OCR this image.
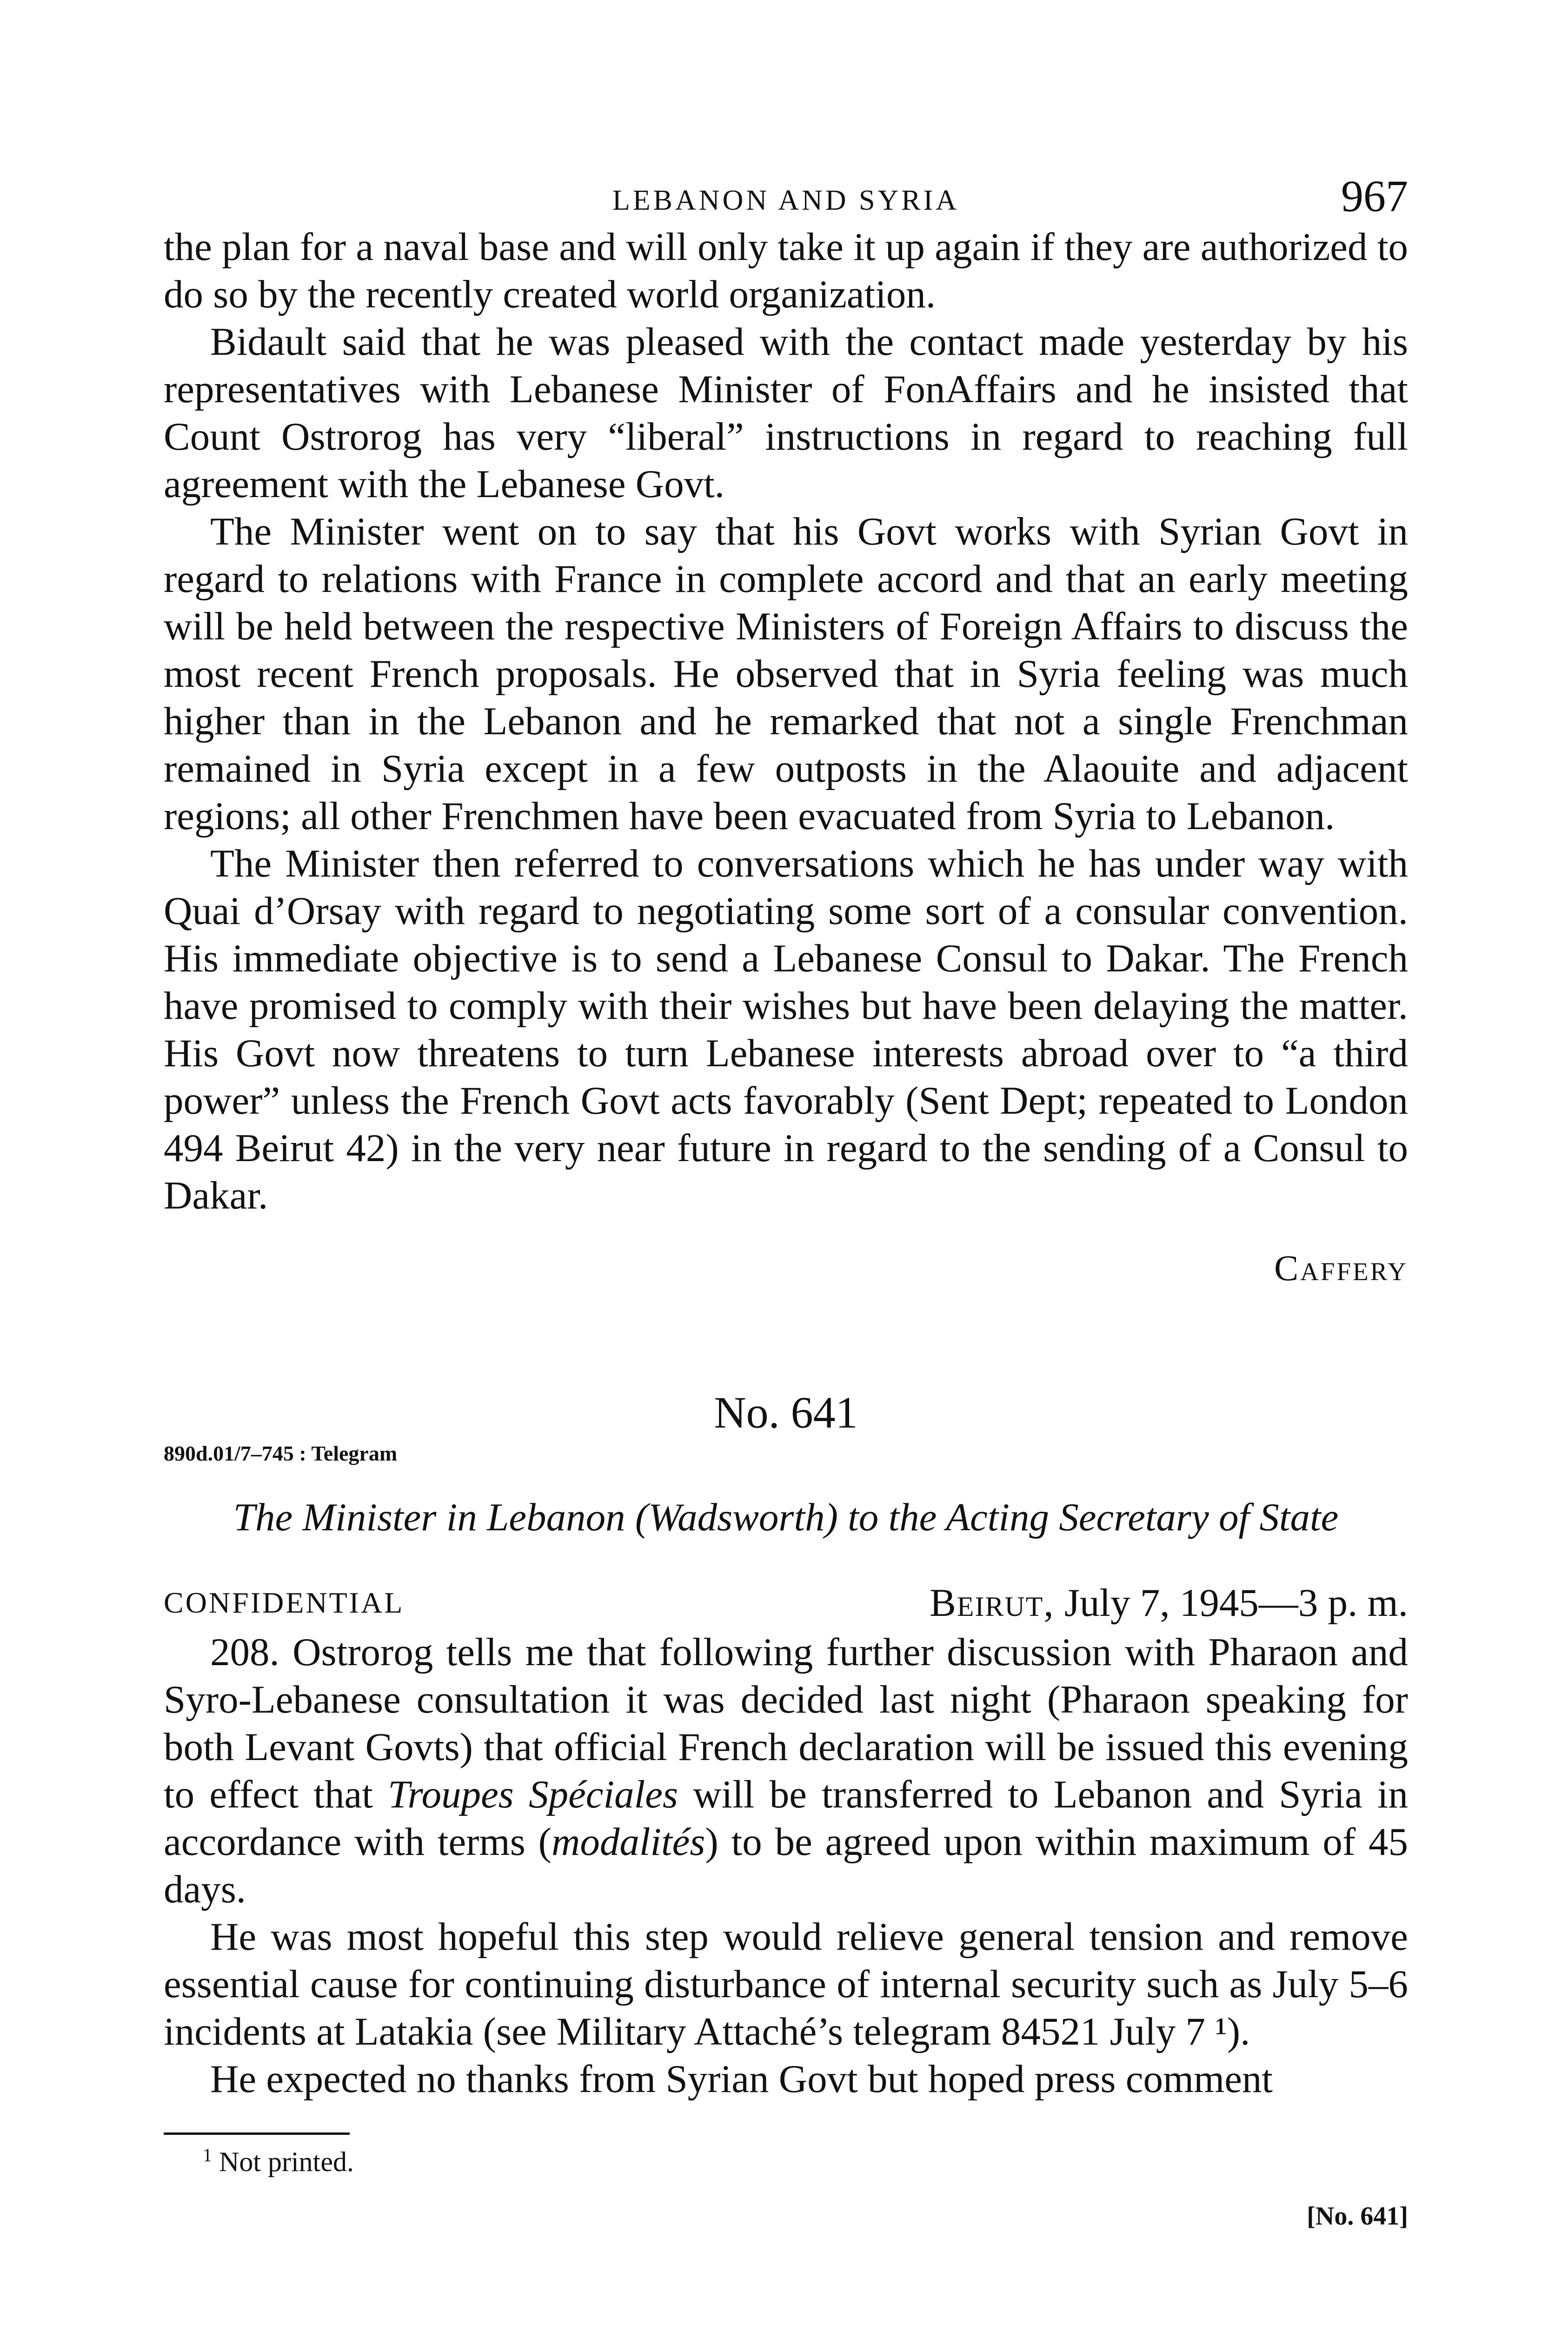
LEBANON AND SYRIA	967

the plan for a naval base and will only take it up again if they are authorized to do so by the recently created world organization.

Bidault said that he was pleased with the contact made yesterday by his representatives with Lebanese Minister of FonAffairs and he insisted that Count Ostrorog has very “liberal” instructions in regard to reaching full agreement with the Lebanese Govt.

The Minister went on to say that his Govt works with Syrian Govt in regard to relations with France in complete accord and that an early meeting will be held between the respective Ministers of Foreign Affairs to discuss the most recent French proposals. He observed that in Syria feeling was much higher than in the Lebanon and he remarked that not a single Frenchman remained in Syria except in a few outposts in the Alaouite and adjacent regions; all other Frenchmen have been evacuated from Syria to Lebanon.

The Minister then referred to conversations which he has under way with Quai d’Orsay with regard to negotiating some sort of a consular convention. His immediate objective is to send a Lebanese Consul to Dakar. The French have promised to comply with their wishes but have been delaying the matter. His Govt now threatens to turn Lebanese interests abroad over to “a third power” unless the French Govt acts favorably (Sent Dept; repeated to London 494 Beirut 42) in the very near future in regard to the sending of a Consul to Dakar.

Caffery
No. 641
890d.01/7–745 : Telegram
The Minister in Lebanon (Wadsworth) to the Acting Secretary of State
CONFIDENTIAL	Beirut, July 7, 1945—3 p. m.

208. Ostrorog tells me that following further discussion with Pharaon and Syro-Lebanese consultation it was decided last night (Pharaon speaking for both Levant Govts) that official French declaration will be issued this evening to effect that Troupes Spéciales will be transferred to Lebanon and Syria in accordance with terms (modalités) to be agreed upon within maximum of 45 days.

He was most hopeful this step would relieve general tension and remove essential cause for continuing disturbance of internal security such as July 5–6 incidents at Latakia (see Military Attaché’s telegram 84521 July 7 ¹).

He expected no thanks from Syrian Govt but hoped press comment

$^1$ Not printed.
[No. 641]
